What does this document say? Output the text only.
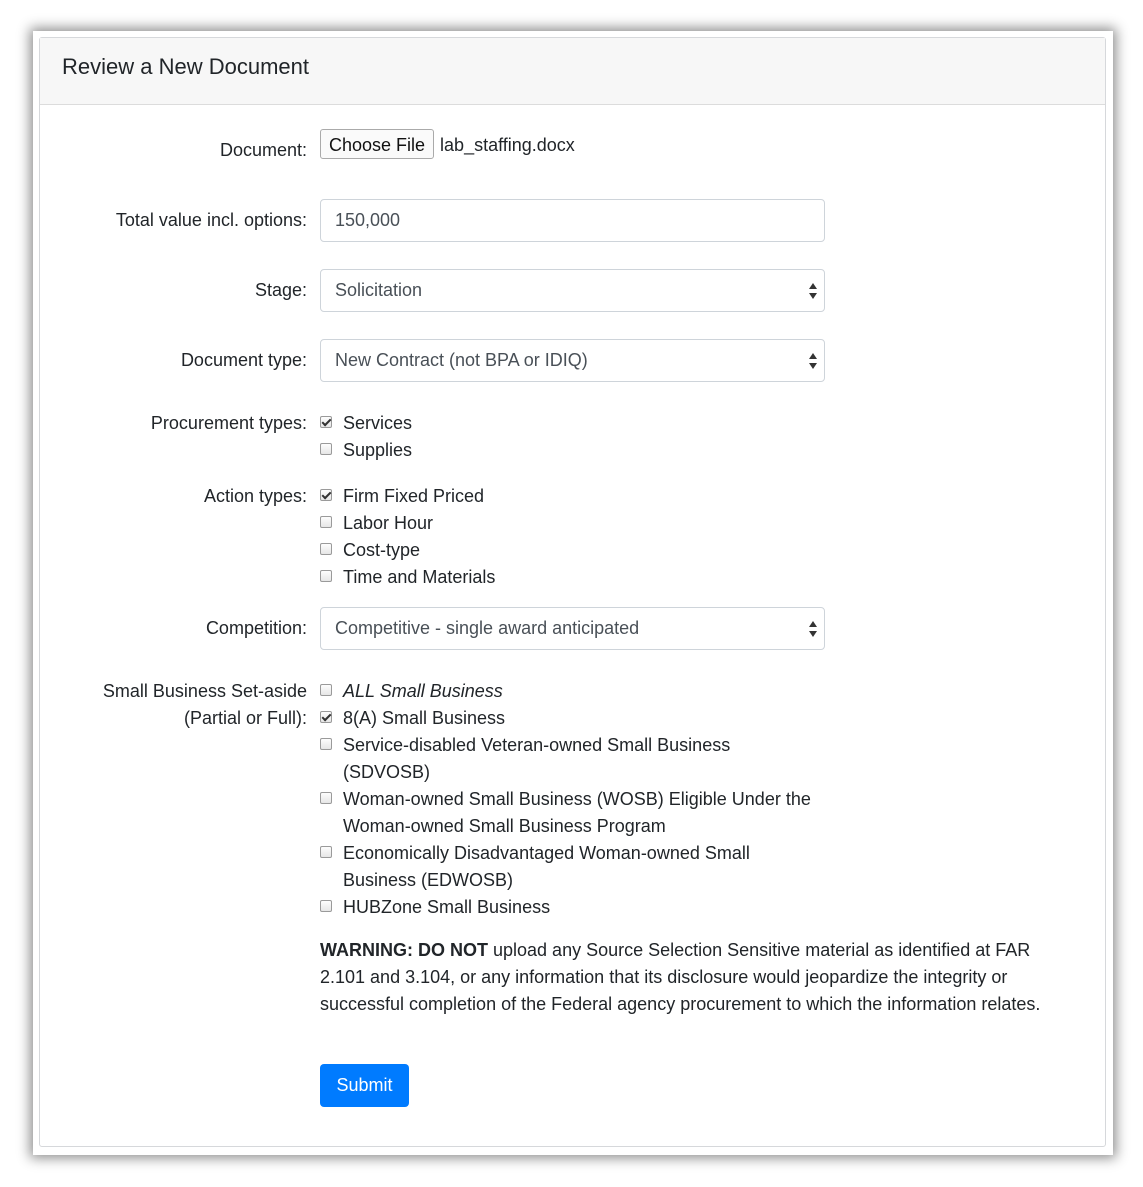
Review a New Document
Document:	Choose File lab_staffing.docx
Total value incl. options: 150,000
Stage: Solicitation
Document type: New Contract (not BPA or IDIQ)
Procurement types: Services
Supplies
Action types: Firm Fixed Priced
Labor Hour
Cost-type
Time and Materials
Competition: Competitive - single award anticipated
Small Business Set-aside
(Partial or Full):
ALL Small Business
8(A) Small Business
Service-disabled Veteran-owned Small Business (SDVOSB)
Woman-owned Small Business (WOSB) Eligible Under the Woman-owned Small Business Program
Economically Disadvantaged Woman-owned Small Business (EDWOSB)
HUBZone Small Business
WARNING: DO NOT upload any Source Selection Sensitive material as identified at FAR 2.101 and 3.104, or any information that its disclosure would jeopardize the integrity or successful completion of the Federal agency procurement to which the information relates.
Submit
